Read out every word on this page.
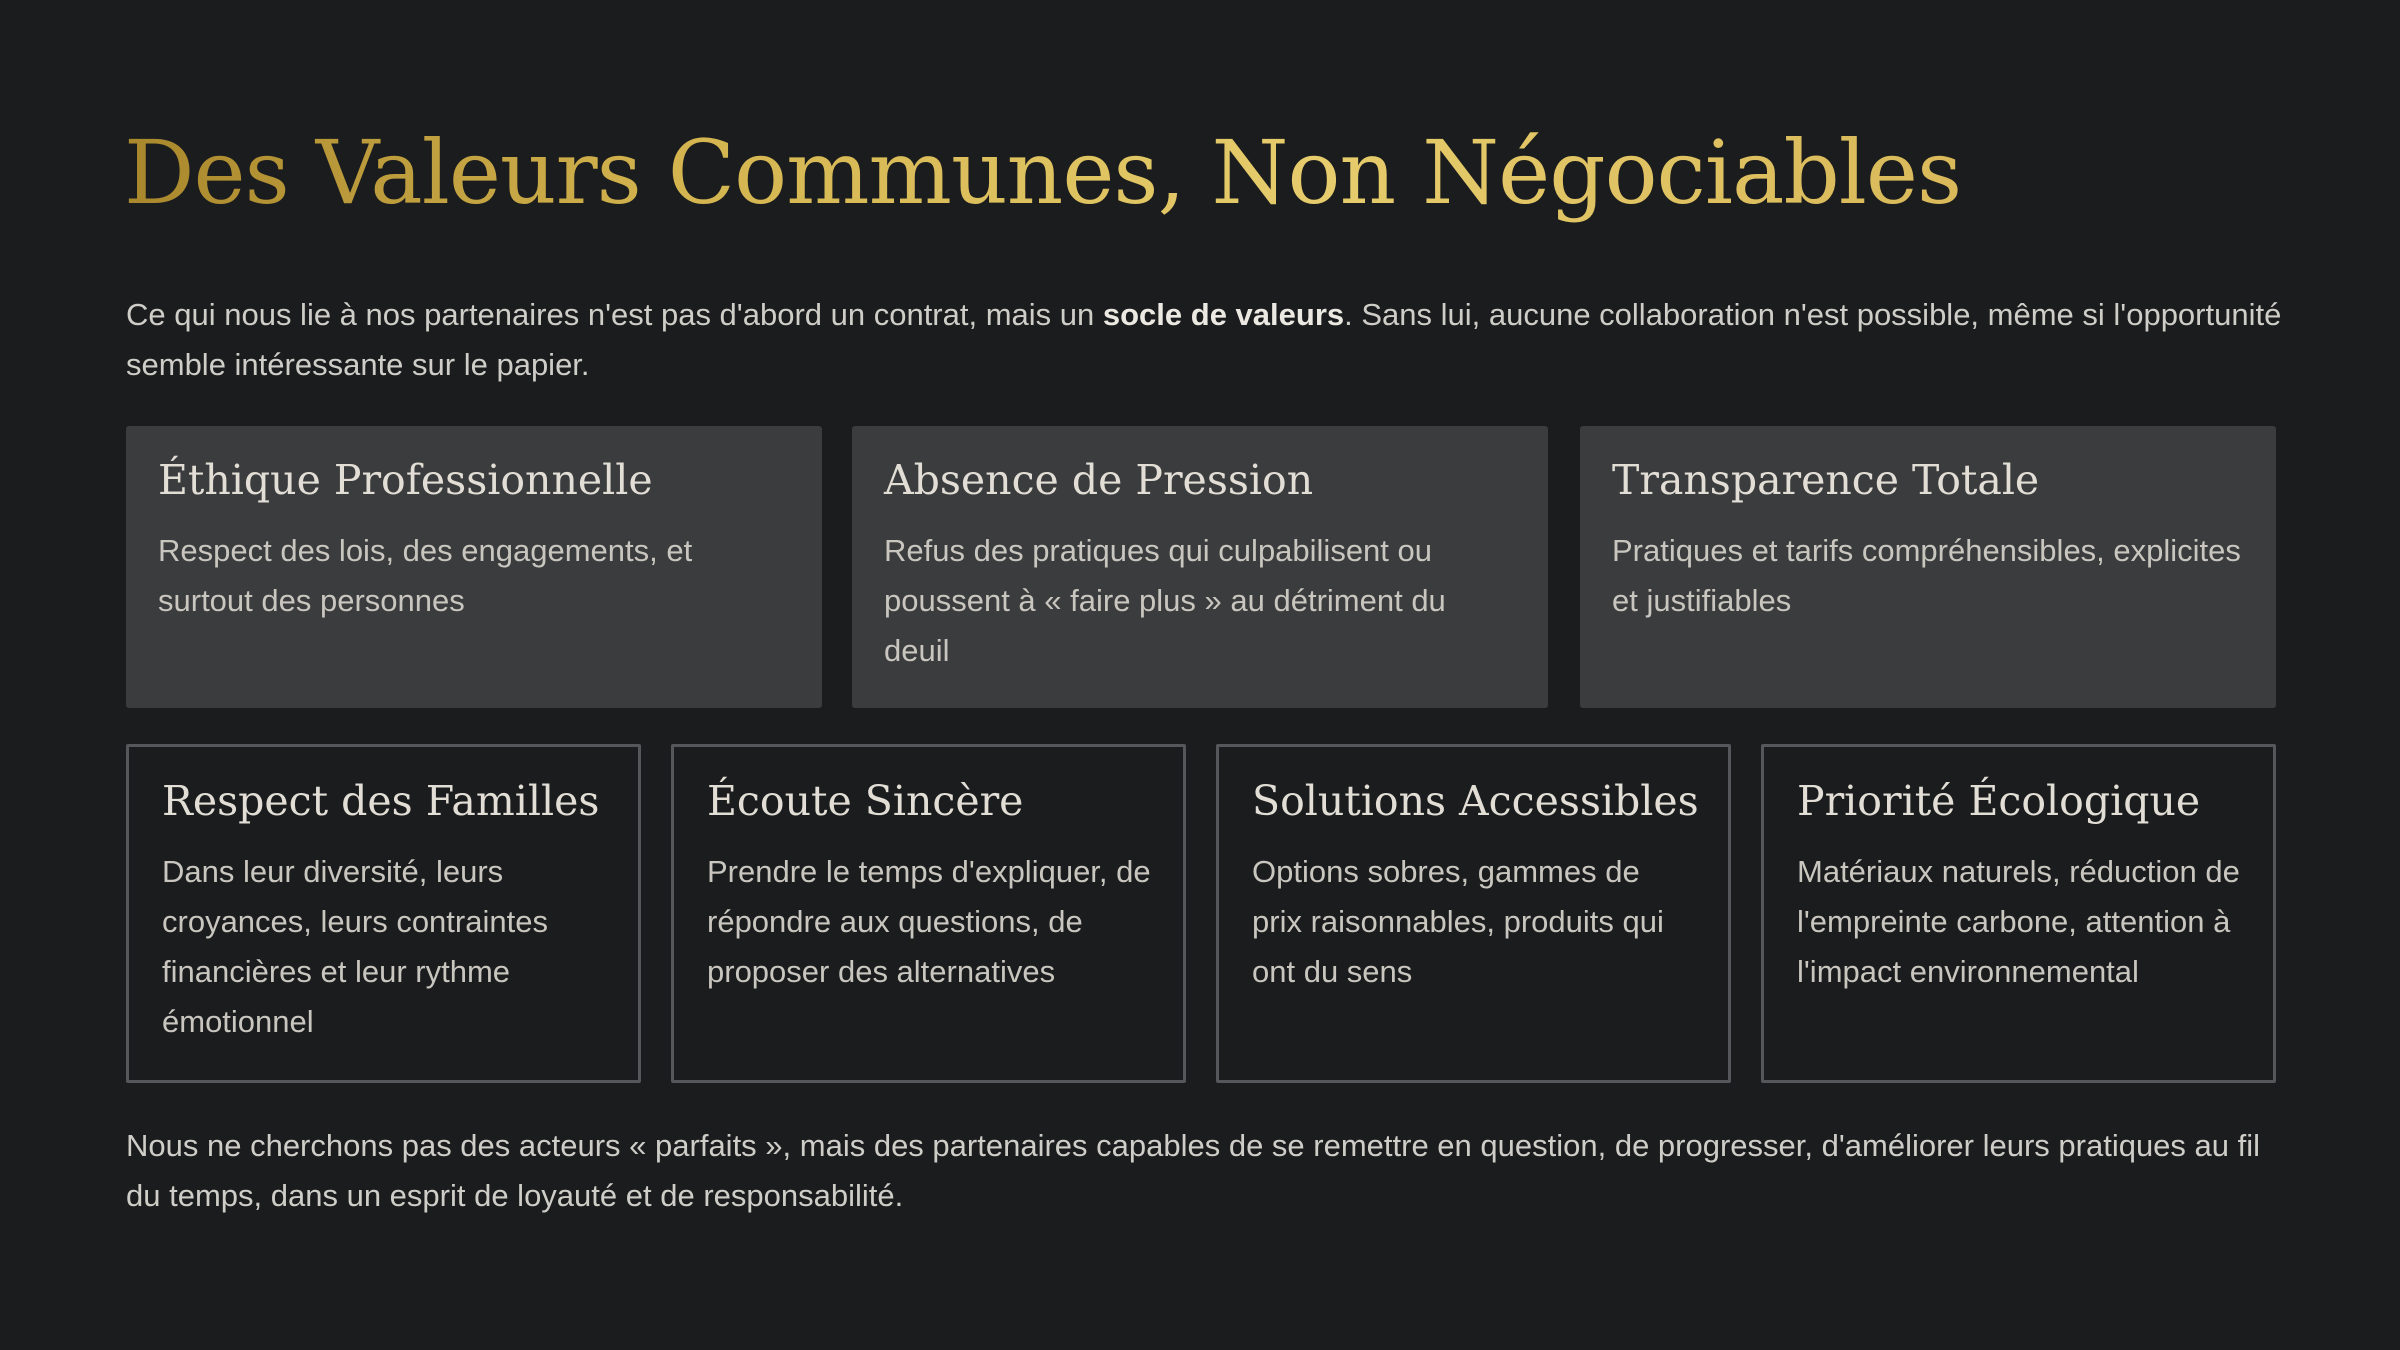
Des Valeurs Communes, Non Négociables

Ce qui nous lie à nos partenaires n'est pas d'abord un contrat, mais un socle de valeurs. Sans lui, aucune collaboration n'est possible, même si l'opportunité semble intéressante sur le papier.

Éthique Professionnelle

Respect des lois, des engagements, et surtout des personnes

Absence de Pression

Refus des pratiques qui culpabilisent ou poussent à « faire plus » au détriment du deuil

Transparence Totale

Pratiques et tarifs compréhensibles, explicites et justifiables

Respect des Familles

Dans leur diversité, leurs croyances, leurs contraintes financières et leur rythme émotionnel

Écoute Sincère

Prendre le temps d'expliquer, de répondre aux questions, de proposer des alternatives

Solutions Accessibles

Options sobres, gammes de prix raisonnables, produits qui ont du sens

Priorité Écologique

Matériaux naturels, réduction de l'empreinte carbone, attention à l'impact environnemental

Nous ne cherchons pas des acteurs « parfaits », mais des partenaires capables de se remettre en question, de progresser, d'améliorer leurs pratiques au fil du temps, dans un esprit de loyauté et de responsabilité.
